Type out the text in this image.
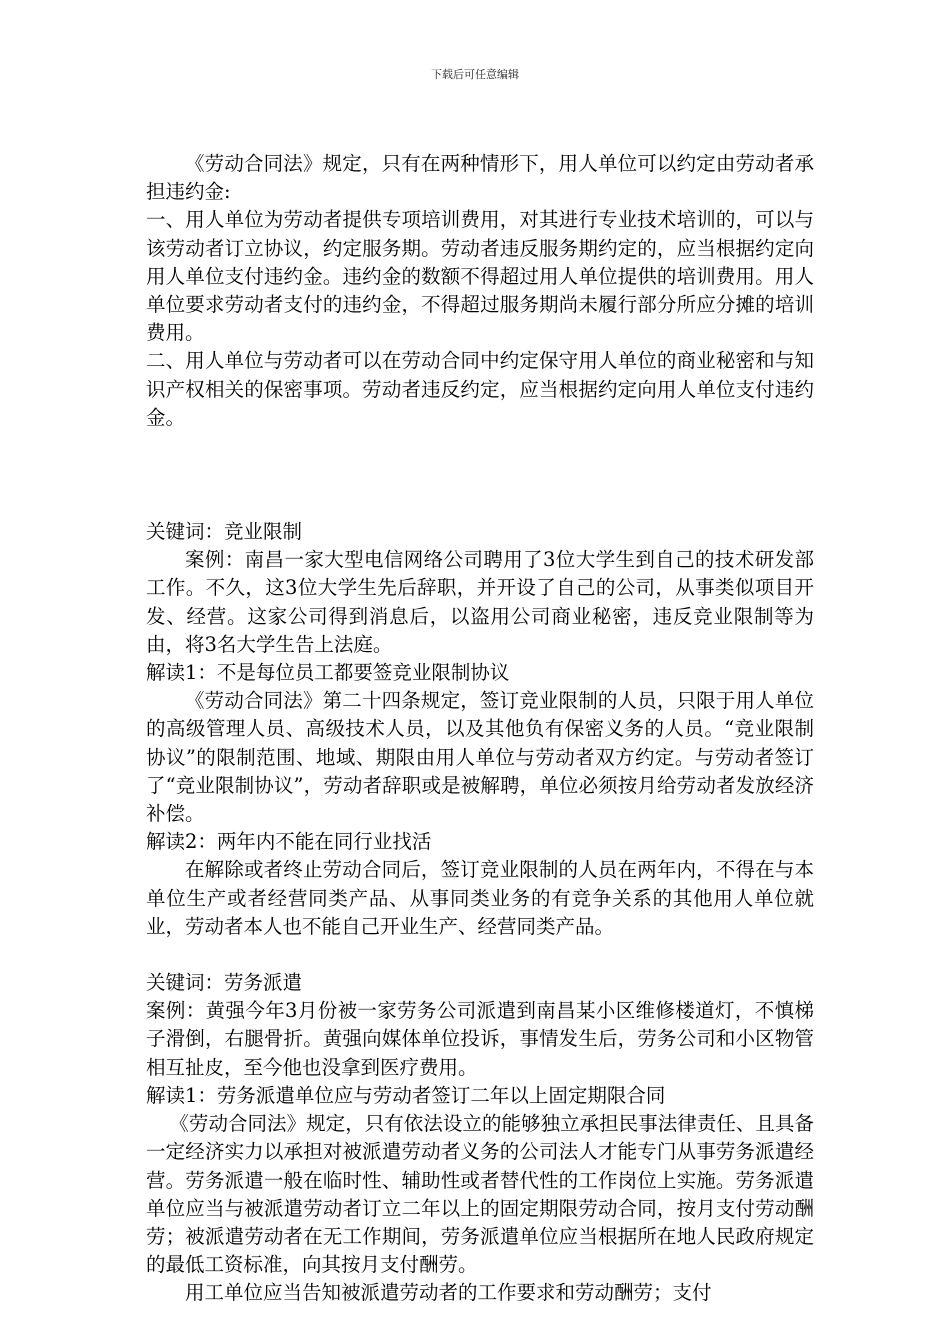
下载后可任意编辑

《劳动合同法》规定，只有在两种情形下，用人单位可以约定由劳动者承担违约金:

一、用人单位为劳动者提供专项培训费用，对其进行专业技术培训的，可以与该劳动者订立协议，约定服务期。劳动者违反服务期约定的，应当根据约定向用人单位支付违约金。违约金的数额不得超过用人单位提供的培训费用。用人单位要求劳动者支付的违约金，不得超过服务期尚未履行部分所应分摊的培训费用。

二、用人单位与劳动者可以在劳动合同中约定保守用人单位的商业秘密和与知识产权相关的保密事项。劳动者违反约定，应当根据约定向用人单位支付违约金。

关键词：竞业限制

案例：南昌一家大型电信网络公司聘用了3位大学生到自己的技术研发部工作。不久，这3位大学生先后辞职，并开设了自己的公司，从事类似项目开发、经营。这家公司得到消息后，以盗用公司商业秘密，违反竞业限制等为由，将3名大学生告上法庭。

解读1：不是每位员工都要签竞业限制协议

《劳动合同法》第二十四条规定，签订竞业限制的人员，只限于用人单位的高级管理人员、高级技术人员，以及其他负有保密义务的人员。“竞业限制协议”的限制范围、地域、期限由用人单位与劳动者双方约定。与劳动者签订了“竞业限制协议”，劳动者辞职或是被解聘，单位必须按月给劳动者发放经济补偿。

解读2：两年内不能在同行业找活

在解除或者终止劳动合同后，签订竞业限制的人员在两年内，不得在与本单位生产或者经营同类产品、从事同类业务的有竞争关系的其他用人单位就业，劳动者本人也不能自己开业生产、经营同类产品。

关键词：劳务派遣

案例：黄强今年3月份被一家劳务公司派遣到南昌某小区维修楼道灯，不慎梯子滑倒，右腿骨折。黄强向媒体单位投诉，事情发生后，劳务公司和小区物管相互扯皮，至今他也没拿到医疗费用。

解读1：劳务派遣单位应与劳动者签订二年以上固定期限合同

《劳动合同法》规定，只有依法设立的能够独立承担民事法律责任、且具备一定经济实力以承担对被派遣劳动者义务的公司法人才能专门从事劳务派遣经营。劳务派遣一般在临时性、辅助性或者替代性的工作岗位上实施。劳务派遣单位应当与被派遣劳动者订立二年以上的固定期限劳动合同，按月支付劳动酬劳；被派遣劳动者在无工作期间，劳务派遣单位应当根据所在地人民政府规定的最低工资标准，向其按月支付酬劳。

用工单位应当告知被派遣劳动者的工作要求和劳动酬劳；支付
